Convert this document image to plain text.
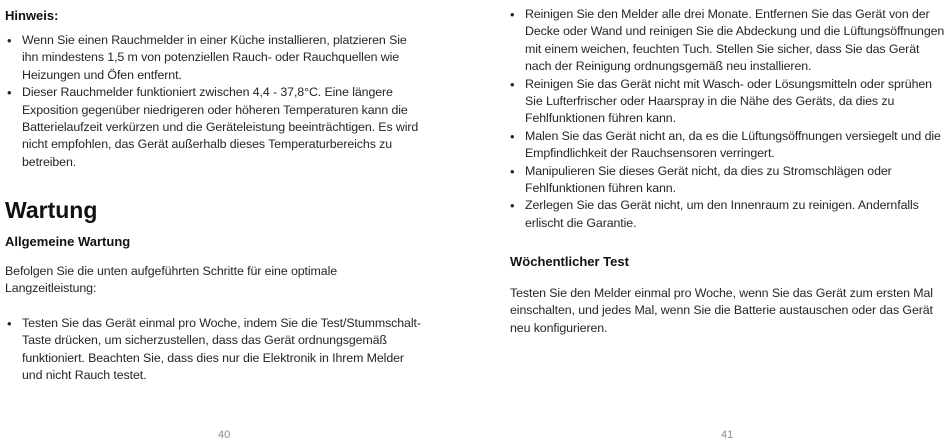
Hinweis:
• Wenn Sie einen Rauchmelder in einer Küche installieren, platzieren Sie ihn mindestens 1,5 m von potenziellen Rauch- oder Rauchquellen wie Heizungen und Öfen entfernt.
• Dieser Rauchmelder funktioniert zwischen 4,4 - 37,8°C. Eine längere Exposition gegenüber niedrigeren oder höheren Temperaturen kann die Batterielaufzeit verkürzen und die Geräteleistung beeinträchtigen. Es wird nicht empfohlen, das Gerät außerhalb dieses Temperaturbereichs zu betreiben.
Wartung
Allgemeine Wartung

Befolgen Sie die unten aufgeführten Schritte für eine optimale Langzeitleistung:

• Testen Sie das Gerät einmal pro Woche, indem Sie die Test/Stummschalt-Taste drücken, um sicherzustellen, dass das Gerät ordnungsgemäß funktioniert. Beachten Sie, dass dies nur die Elektronik in Ihrem Melder und nicht Rauch testet.
40
• Reinigen Sie den Melder alle drei Monate. Entfernen Sie das Gerät von der Decke oder Wand und reinigen Sie die Abdeckung und die Lüftungsöffnungen mit einem weichen, feuchten Tuch. Stellen Sie sicher, dass Sie das Gerät nach der Reinigung ordnungsgemäß neu installieren.
• Reinigen Sie das Gerät nicht mit Wasch- oder Lösungsmitteln oder sprühen Sie Lufterfrischer oder Haarspray in die Nähe des Geräts, da dies zu Fehlfunktionen führen kann.
• Malen Sie das Gerät nicht an, da es die Lüftungsöffnungen versiegelt und die Empfindlichkeit der Rauchsensoren verringert.
• Manipulieren Sie dieses Gerät nicht, da dies zu Stromschlägen oder Fehlfunktionen führen kann.
• Zerlegen Sie das Gerät nicht, um den Innenraum zu reinigen. Andernfalls erlischt die Garantie.
Wöchentlicher Test

Testen Sie den Melder einmal pro Woche, wenn Sie das Gerät zum ersten Mal einschalten, und jedes Mal, wenn Sie die Batterie austauschen oder das Gerät neu konfigurieren.

41
